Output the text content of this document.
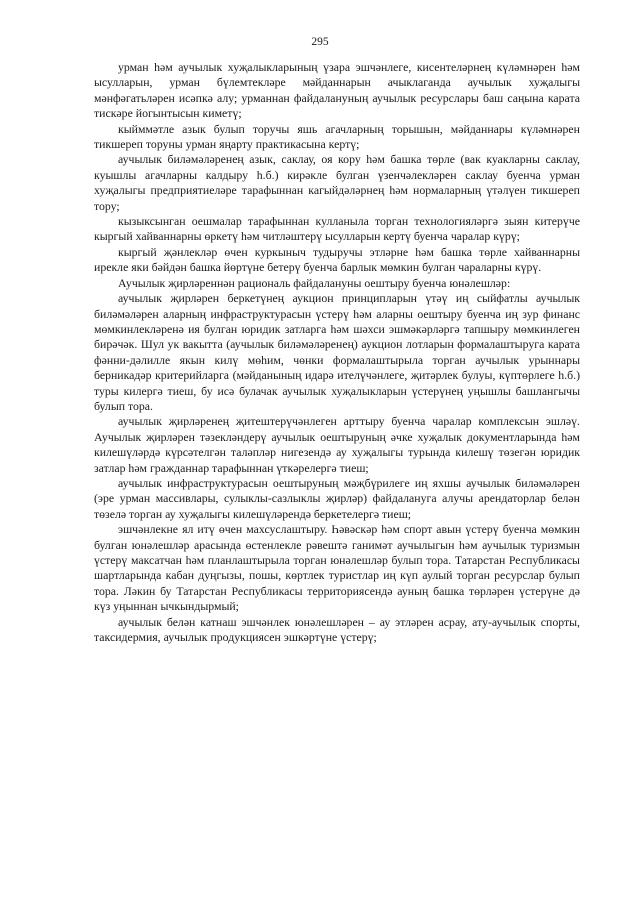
295

урман һәм аучылык хуҗалыкларының үзара эшчәнлеге, кисентеләрнең күләмнәрен һәм ысулларын, урман бүлемтекләре мәйданнарын ачыклаганда аучылык хуҗалыгы мәнфәгатьләрен исәпкә алу; урманнан файдалануның аучылык ресурслары баш саңына карата тискәре йогынтысын киметү;

кыйммәтле азык булып торучы яшь агачларның торышын, мәйданнары күләмнәрен тикшереп торуны урман яңарту практикасына кертү;

аучылык биләмәләренең азык, саклау, оя кору һәм башка төрле (вак куакларны саклау, куышлы агачларны калдыру һ.б.) кирәкле булган үзенчәлекләрен саклау буенча урман хуҗалыгы предприятиеләре тарафыннан кагыйдәләрнең һәм нормаларның үтәлүен тикшереп тору;

кызыксынган оешмалар тарафыннан кулланыла торган технологияләргә зыян китерүче кыргый хайваннарны өркетү һәм читләштерү ысулларын кертү буенча чаралар күрү;

кыргый җәнлекләр өчен куркыныч тудыручы этләрне һәм башка төрле хайваннарны ирекле яки бәйдән башка йөртүне бетерү буенча барлык мөмкин булган чараларны күрү.

Аучылык җирләреннән рациональ файдалануны оештыру буенча юнәлешләр:

аучылык җирләрен беркетүнең аукцион принципларын үтәү иң сыйфатлы аучылык биләмәләрен аларның инфраструктурасын үстерү һәм аларны оештыру буенча иң зур финанс мөмкинлекләренә ия булган юридик затларга һәм шәхси эшмәкәрләргә тапшыру мөмкинлеген бирәчәк. Шул ук вакытта (аучылык биләмәләренең) аукцион лотларын формалаштыруга карата фәнни-дәлилле якын килү мөһим, чөнки формалаштырыла торган аучылык урыннары берникадәр критерийларга (мәйданының идарә ителүчәнлеге, җитәрлек булуы, күптөрлеге һ.б.) туры килергә тиеш, бу исә булачак аучылык хуҗалыкларын үстерүнең уңышлы башлангычы булып тора.

аучылык җирләренең җитештерүчәнлеген арттыру буенча чаралар комплексын эшләү. Аучылык җирләрен тәзекләндерү аучылык оештыруның әчке хуҗалык документларында һәм килешүләрдә күрсәтелгән таләпләр нигезендә ау хуҗалыгы турында килешү төзегән юридик затлар һәм гражданнар тарафыннан үткәрелергә тиеш;

аучылык инфраструктурасын оештыруның мәҗбүрилеге иң яхшы аучылык биләмәләрен (эре урман массивлары, сулыклы-сазлыклы җирләр) файдалануга алучы арендаторлар белән төзелә торган ау хуҗалыгы килешүләрендә беркетелергә тиеш;

эшчәнлекне ял итү өчен махсуслаштыру. Һәвәскәр һәм спорт авын үстерү буенча мөмкин булган юнәлешләр арасында өстенлекле рәвештә ганимәт аучылыгын һәм аучылык туризмын үстерү максатчан һәм планлаштырыла торган юнәлешләр булып тора. Татарстан Республикасы шартларында кабан дуңгызы, пошы, көртлек туристлар иң күп аулый торган ресурслар булып тора. Ләкин бу Татарстан Республикасы территориясендә ауның башка төрләрен үстерүне дә күз уңыннан ычкындырмый;

аучылык белән катнаш эшчәнлек юнәлешләрен – ау этләрен асрау, ату-аучылык спорты, таксидермия, аучылык продукциясен эшкәртүне үстерү;
